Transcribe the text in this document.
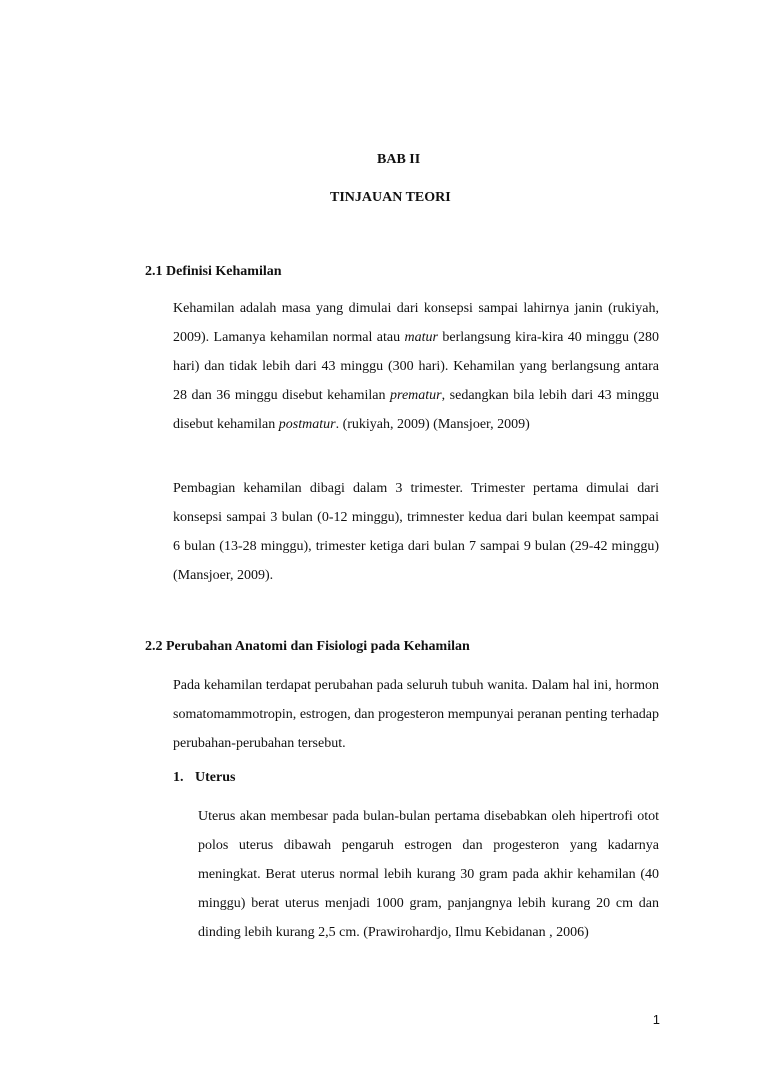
BAB II
TINJAUAN TEORI
2.1 Definisi Kehamilan

Kehamilan adalah masa yang dimulai dari konsepsi sampai lahirnya janin (rukiyah, 2009). Lamanya kehamilan normal atau matur berlangsung kira-kira 40 minggu (280 hari) dan tidak lebih dari 43 minggu (300 hari). Kehamilan yang berlangsung antara 28 dan 36 minggu disebut kehamilan prematur, sedangkan bila lebih dari 43 minggu disebut kehamilan postmatur. (rukiyah, 2009) (Mansjoer, 2009)

Pembagian kehamilan dibagi dalam 3 trimester. Trimester pertama dimulai dari konsepsi sampai 3 bulan (0-12 minggu), trimnester kedua dari bulan keempat sampai 6 bulan (13-28 minggu), trimester ketiga dari bulan 7 sampai 9 bulan (29-42 minggu) (Mansjoer, 2009).

2.2 Perubahan Anatomi dan Fisiologi pada Kehamilan

Pada kehamilan terdapat perubahan pada seluruh tubuh wanita. Dalam hal ini, hormon somatomammotropin, estrogen, dan progesteron mempunyai peranan penting terhadap perubahan-perubahan tersebut.

1. Uterus

Uterus akan membesar pada bulan-bulan pertama disebabkan oleh hipertrofi otot polos uterus dibawah pengaruh estrogen dan progesteron yang kadarnya meningkat. Berat uterus normal lebih kurang 30 gram pada akhir kehamilan (40 minggu) berat uterus menjadi 1000 gram, panjangnya lebih kurang 20 cm dan dinding lebih kurang 2,5 cm. (Prawirohardjo, Ilmu Kebidanan , 2006)

1
